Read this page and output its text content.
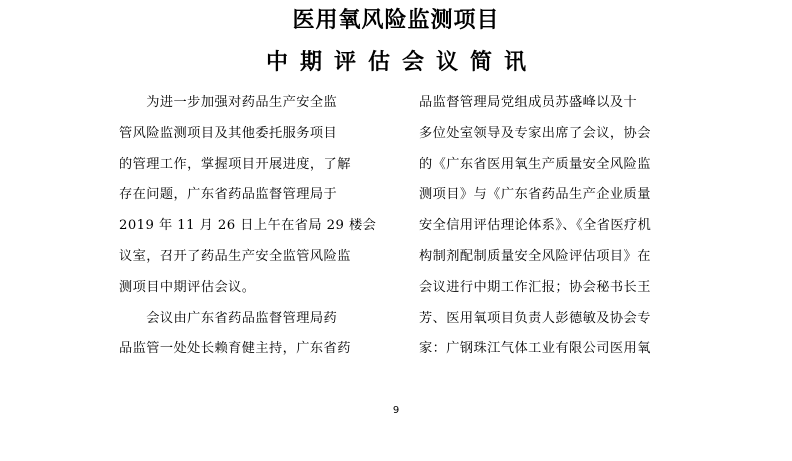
医用氧风险监测项目
中期评估会议简讯
　　为进一步加强对药品生产安全监
管风险监测项目及其他委托服务项目
的管理工作，掌握项目开展进度，了解
存在问题，广东省药品监督管理局于
2019 年 11 月 26 日上午在省局 29 楼会
议室，召开了药品生产安全监管风险监
测项目中期评估会议。
　　会议由广东省药品监督管理局药
品监管一处处长赖育健主持，广东省药
品监督管理局党组成员苏盛峰以及十
多位处室领导及专家出席了会议，协会
的《广东省医用氧生产质量安全风险监
测项目》与《广东省药品生产企业质量
安全信用评估理论体系》、《全省医疗机
构制剂配制质量安全风险评估项目》在
会议进行中期工作汇报；协会秘书长王
芳、医用氧项目负责人彭德敏及协会专
家：广钢珠江气体工业有限公司医用氧
9
